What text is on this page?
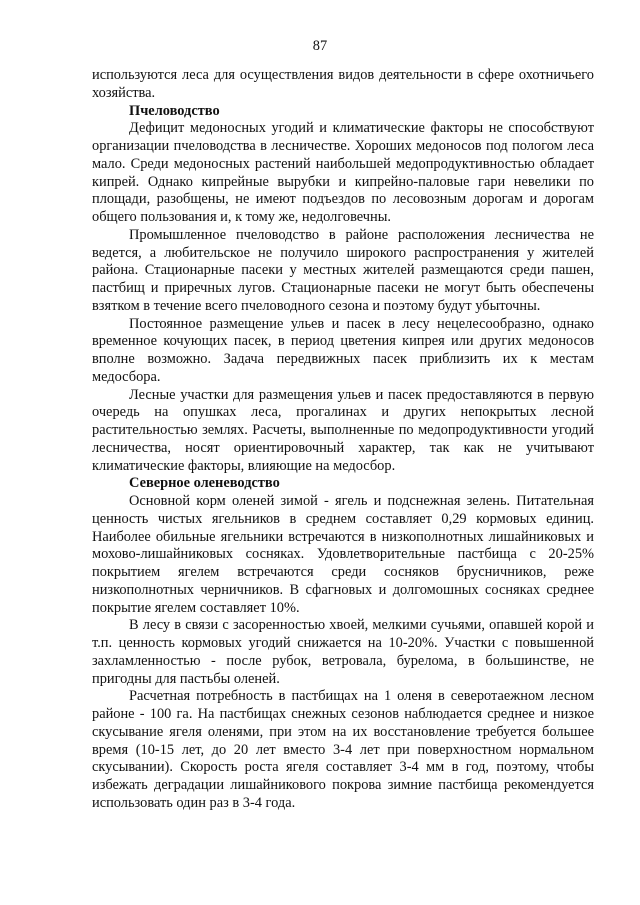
87

используются леса для осуществления видов деятельности в сфере охотничьего хозяйства.

Пчеловодство

Дефицит медоносных угодий и климатические факторы не способствуют организации пчеловодства в лесничестве. Хороших медоносов под пологом леса мало. Среди медоносных растений наибольшей медопродуктивностью обладает кипрей. Однако кипрейные вырубки и кипрейно-паловые гари невелики по площади, разобщены, не имеют подъездов по лесовозным дорогам и дорогам общего пользования и, к тому же, недолговечны.

Промышленное пчеловодство в районе расположения лесничества не ведется, а любительское не получило широкого распространения у жителей района. Стационарные пасеки у местных жителей размещаются среди пашен, пастбищ и приречных лугов. Стационарные пасеки не могут быть обеспечены взятком в течение всего пчеловодного сезона и поэтому будут убыточны.

Постоянное размещение ульев и пасек в лесу нецелесообразно, однако временное кочующих пасек, в период цветения кипрея или других медоносов вполне возможно. Задача передвижных пасек приблизить их к местам медосбора.

Лесные участки для размещения ульев и пасек предоставляются в первую очередь на опушках леса, прогалинах и других непокрытых лесной растительностью землях. Расчеты, выполненные по медопродуктивности угодий лесничества, носят ориентировочный характер, так как не учитывают климатические факторы, влияющие на медосбор.

Северное оленеводство

Основной корм оленей зимой - ягель и подснежная зелень. Питательная ценность чистых ягельников в среднем составляет 0,29 кормовых единиц. Наиболее обильные ягельники встречаются в низкополнотных лишайниковых и мохово-лишайниковых сосняках. Удовлетворительные пастбища с 20-25% покрытием ягелем встречаются среди сосняков брусничников, реже низкополнотных черничников. В сфагновых и долгомошных сосняках среднее покрытие ягелем составляет 10%.

В лесу в связи с засоренностью хвоей, мелкими сучьями, опавшей корой и т.п. ценность кормовых угодий снижается на 10-20%. Участки с повышенной захламленностью - после рубок, ветровала, бурелома, в большинстве, не пригодны для пастьбы оленей.

Расчетная потребность в пастбищах на 1 оленя в северотаежном лесном районе - 100 га. На пастбищах снежных сезонов наблюдается среднее и низкое скусывание ягеля оленями, при этом на их восстановление требуется большее время (10-15 лет, до 20 лет вместо 3-4 лет при поверхностном нормальном скусывании). Скорость роста ягеля составляет 3-4 мм в год, поэтому, чтобы избежать деградации лишайникового покрова зимние пастбища рекомендуется использовать один раз в 3-4 года.
